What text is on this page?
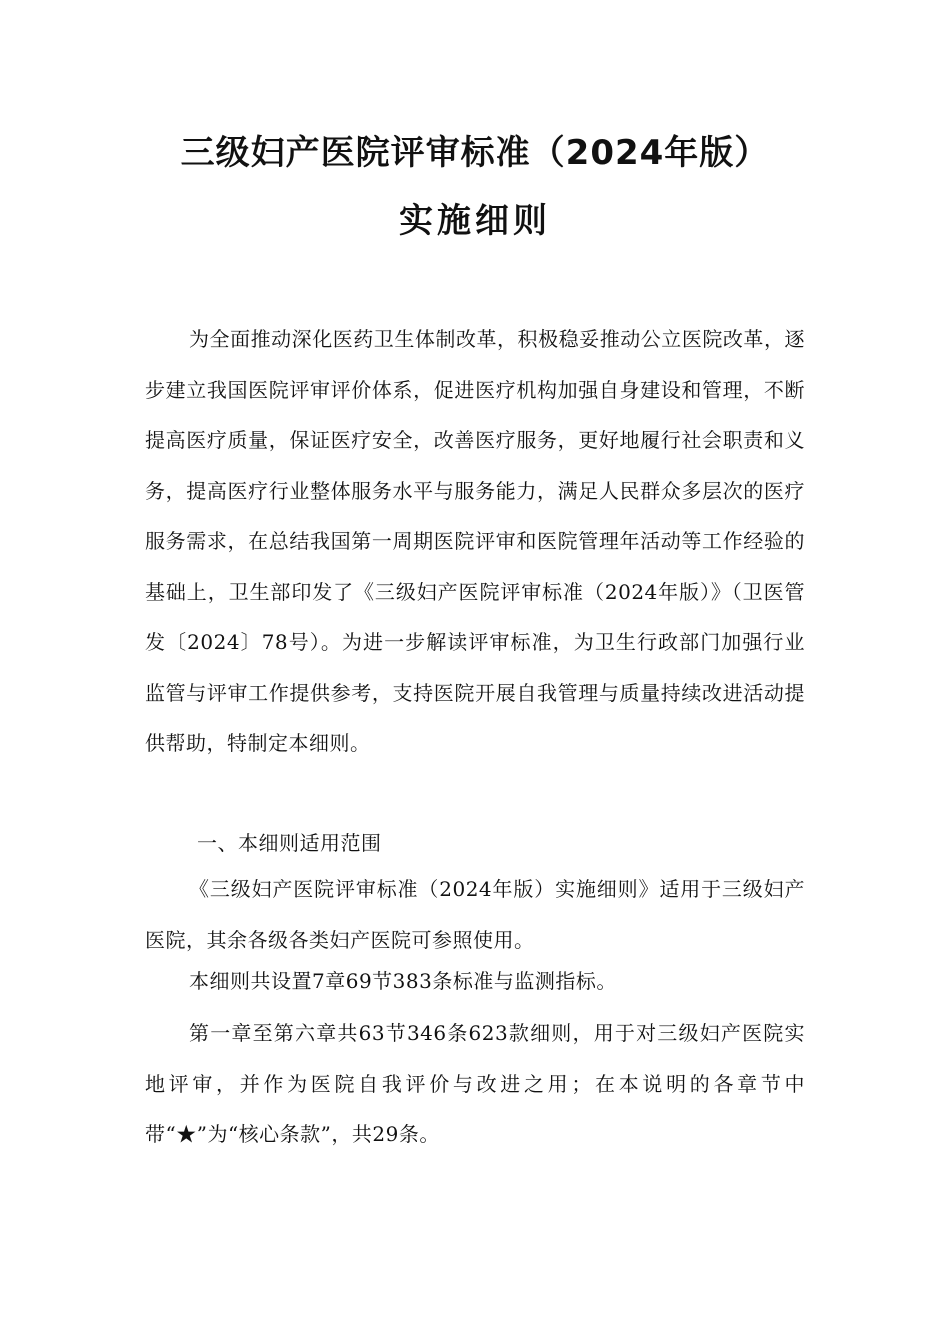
三级妇产医院评审标准（2024年版）
实施细则

为全面推动深化医药卫生体制改革，积极稳妥推动公立医院改革，逐步建立我国医院评审评价体系，促进医疗机构加强自身建设和管理，不断提高医疗质量，保证医疗安全，改善医疗服务，更好地履行社会职责和义务，提高医疗行业整体服务水平与服务能力，满足人民群众多层次的医疗服务需求，在总结我国第一周期医院评审和医院管理年活动等工作经验的基础上，卫生部印发了《三级妇产医院评审标准（2024年版）》（卫医管发〔2024〕78号）。为进一步解读评审标准，为卫生行政部门加强行业监管与评审工作提供参考，支持医院开展自我管理与质量持续改进活动提供帮助，特制定本细则。

一、本细则适用范围

《三级妇产医院评审标准（2024年版）实施细则》适用于三级妇产医院，其余各级各类妇产医院可参照使用。

本细则共设置7章69节383条标准与监测指标。

第一章至第六章共63节346条623款细则，用于对三级妇产医院实地评审，并作为医院自我评价与改进之用；在本说明的各章节中带“★”为“核心条款”，共29条。
